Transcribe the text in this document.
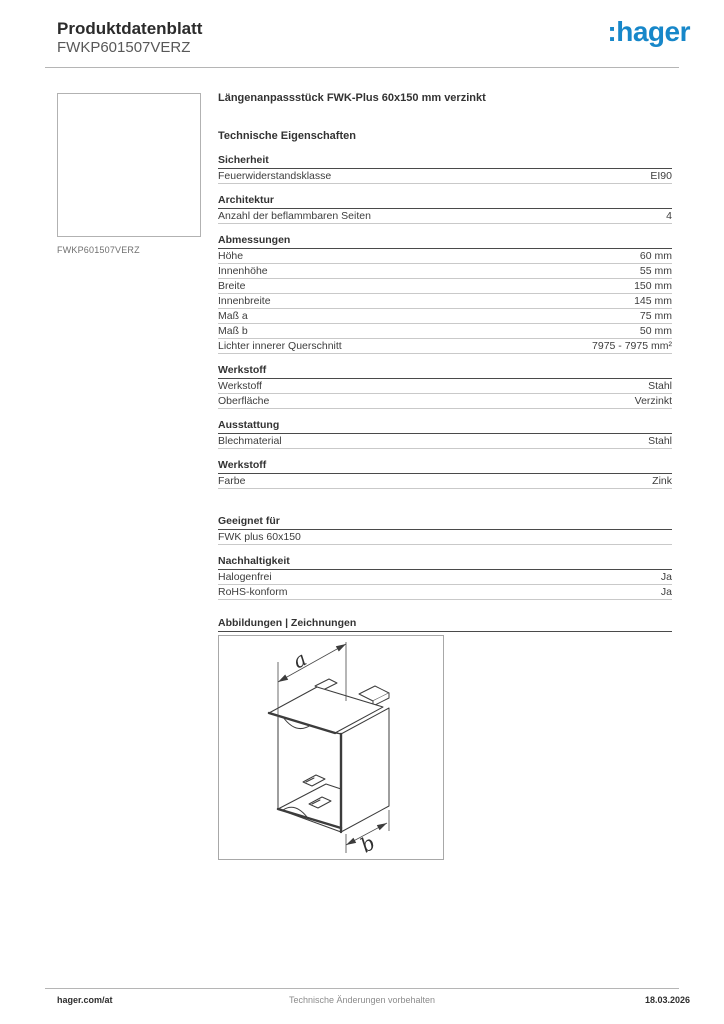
Produktdatenblatt
FWKP601507VERZ
:hager
FWKP601507VERZ
Längenanpassstück FWK-Plus 60x150 mm verzinkt
Technische Eigenschaften
Sicherheit
Feuerwiderstandsklasse	EI90
Architektur
Anzahl der beflammbaren Seiten	4
Abmessungen
Höhe	60 mm
Innenhöhe	55 mm
Breite	150 mm
Innenbreite	145 mm
Maß a	75 mm
Maß b	50 mm
Lichter innerer Querschnitt	7975 - 7975 mm²
Werkstoff
Werkstoff	Stahl
Oberfläche	Verzinkt
Ausstattung
Blechmaterial	Stahl
Werkstoff
Farbe	Zink
Geeignet für
FWK plus 60x150
Nachhaltigkeit
Halogenfrei	Ja
RoHS-konform	Ja
Abbildungen | Zeichnungen
a
b
hager.com/at	Technische Änderungen vorbehalten	18.03.2026
